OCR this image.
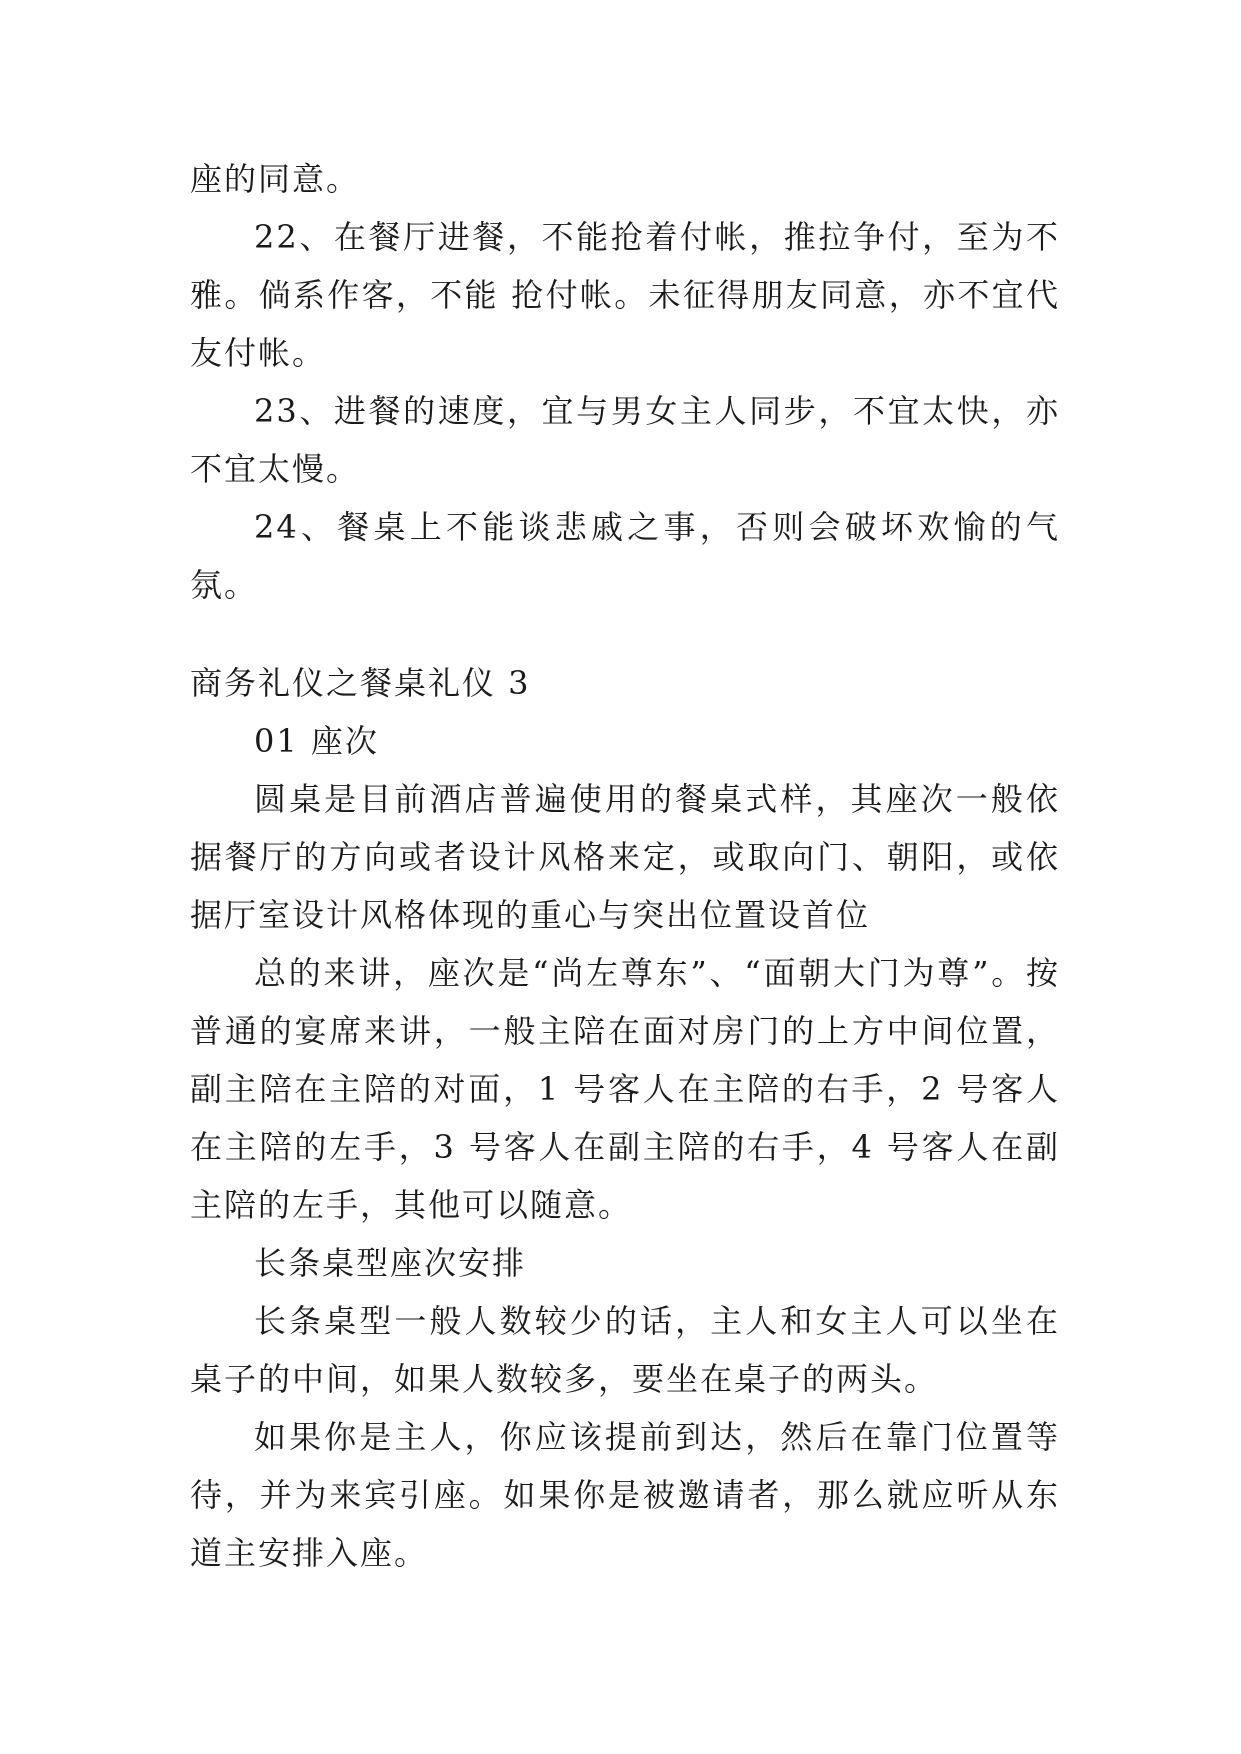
座的同意。

22、在餐厅进餐，不能抢着付帐，推拉争付，至为不雅。倘系作客，不能 抢付帐。未征得朋友同意，亦不宜代友付帐。

23、进餐的速度，宜与男女主人同步，不宜太快，亦不宜太慢。

24、餐桌上不能谈悲戚之事，否则会破坏欢愉的气氛。

商务礼仪之餐桌礼仪 3

01 座次

圆桌是目前酒店普遍使用的餐桌式样，其座次一般依据餐厅的方向或者设计风格来定，或取向门、朝阳，或依据厅室设计风格体现的重心与突出位置设首位

总的来讲，座次是“尚左尊东”、“面朝大门为尊”。按普通的宴席来讲，一般主陪在面对房门的上方中间位置，副主陪在主陪的对面，1 号客人在主陪的右手，2 号客人在主陪的左手，3 号客人在副主陪的右手，4 号客人在副主陪的左手，其他可以随意。

长条桌型座次安排

长条桌型一般人数较少的话，主人和女主人可以坐在桌子的中间，如果人数较多，要坐在桌子的两头。

如果你是主人，你应该提前到达，然后在靠门位置等待，并为来宾引座。如果你是被邀请者，那么就应听从东道主安排入座。
